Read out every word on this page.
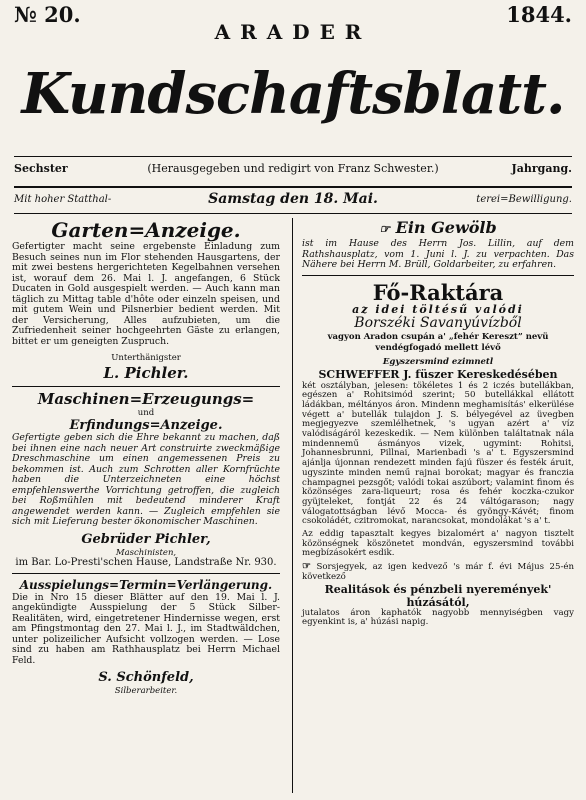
№ 20.	1844.
ARADER
Kundschaftsblatt.
Sechster	(Herausgegeben und redigirt von Franz Schwester.)	Jahrgang.
Mit hoher Statthal-	Samstag den 18. Mai.	terei=Bewilligung.
Garten=Anzeige.
Gefertigter macht seine ergebenste Einladung zum Besuch seines nun im Flor stehenden Hausgartens, der mit zwei bestens hergerichteten Kegelbahnen versehen ist, worauf dem 26. Mai l. J. angefangen, 6 Stück Ducaten in Gold ausgespielt werden. — Auch kann man täglich zu Mittag table d'hôte oder einzeln speisen, und mit gutem Wein und Pilsnerbier bedient werden. Mit der Versicherung, Alles aufzubieten, um die Zufriedenheit seiner hochgeehrten Gäste zu erlangen, bittet er um geneigten Zuspruch.
Unterthänigster
L. Pichler.
Maschinen=Erzeugungs=
und
Erfindungs=Anzeige.
Gefertigte geben sich die Ehre bekannt zu machen, daß bei ihnen eine nach neuer Art construirte zweckmäßige Dreschmaschine um einen angemessenen Preis zu bekommen ist. Auch zum Schrotten aller Kornfrüchte haben die Unterzeichneten eine höchst empfehlenswerthe Vorrichtung getroffen, die zugleich bei Roßmühlen mit bedeutend minderer Kraft angewendet werden kann. — Zugleich empfehlen sie sich mit Lieferung bester ökonomischer Maschinen.
Gebrüder Pichler,
Maschinisten,
im Bar. Lo-Presti'schen Hause, Landstraße Nr. 930.
Ausspielungs=Termin=Verlängerung.
Die in Nro 15 dieser Blätter auf den 19. Mai l. J. angekündigte Ausspielung der 5 Stück Silber-Realitäten, wird, eingetretener Hindernisse wegen, erst am Pfingstmontag den 27. Mai l. J., im Stadtwäldchen, unter polizeilicher Aufsicht vollzogen werden. — Lose sind zu haben am Rathhausplatz bei Herrn Michael Feld.
S. Schönfeld,
Silberarbeiter.
☞ Ein Gewölb
ist im Hause des Herrn Jos. Lillin, auf dem Rathshausplatz, vom 1. Juni l. J. zu verpachten. Das Nähere bei Herrn M. Brüll, Goldarbeiter, zu erfahren.
Fő-Raktára
az idei töltésű valódi
Borszéki Savanyúvízből
vagyon Aradon csupán a' „fehér Kereszt” nevü vendégfogadó mellett lévő
Egyszersmind ezimnetl
SCHWEFFER J. füszer Kereskedésében
két osztályban, jelesen: tökéletes 1 és 2 iczés butellákban, egészen a' Rohitsimód szerint; 50 butellákkal ellátott ládákban, méltányos áron. Mindenn meghamisítás' elkerülése végett a' butellák tulajdon J. S. bélyegével az üvegben megjegyezve szemlélhetnek, 's ugyan azért a' víz valódiságáról kezeskedik. — Nem különben találtatnak nála mindennemű ásmányos vizek, ugymint: Rohitsi, Johannesbrunni, Pillnai, Marienbadi 's a' t. Egyszersmind ajánlja újonnan rendezett minden fajú füszer és festék áruit, ugyszinte minden nemű rajnai borokat; magyar és franczia champagnei pezsgőt; valódi tokai aszúbort; valamint finom és közönséges zara-liqueurt; rosa és fehér koczka-czukor gyüjteleket, fontját 22 és 24 váltógarason; nagy válogatottságban lévő Mocca- és gyöngy-Kávét; finom csokoládét, czitromokat, narancsokat, mondolákat 's a' t.
Az eddig tapasztalt kegyes bizalomért a' nagyon tisztelt közönségnek köszönetet mondván, egyszersmind további megbízásokért esdik.
☞ Sorsjegyek, az igen kedvező 's már f. évi Május 25-én következő
Realitások és pénzbeli nyeremények' húzásától,
jutalatos áron kaphatók nagyobb mennyiségben vagy egyenkint is, a' húzási napig.
